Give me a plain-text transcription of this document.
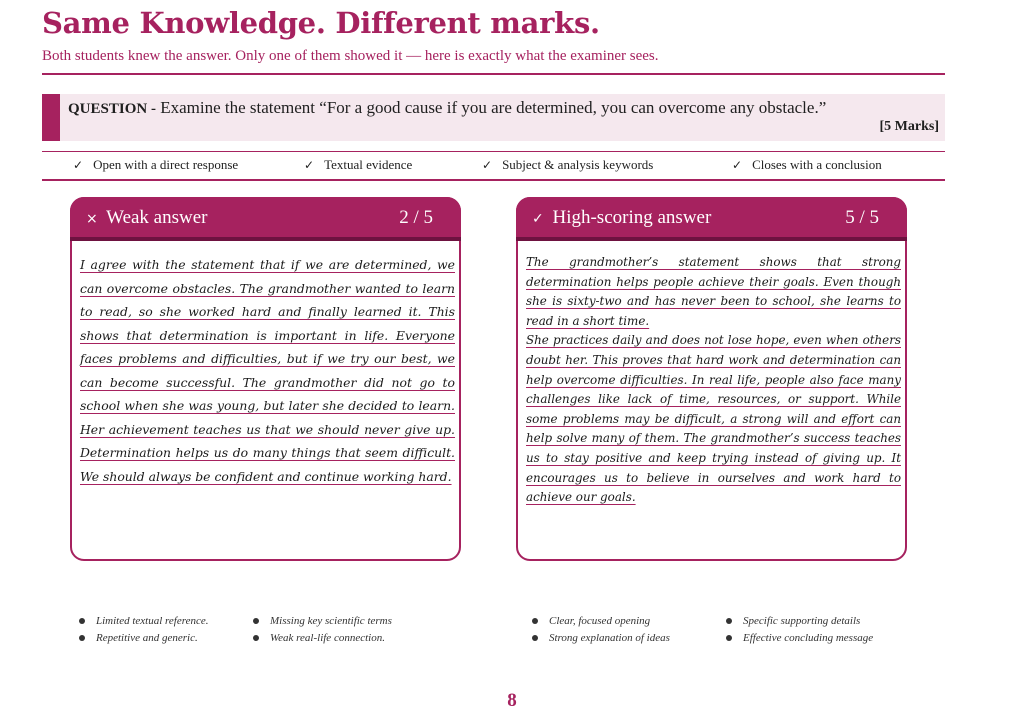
Same Knowledge. Different marks.

Both students knew the answer. Only one of them showed it — here is exactly what the examiner sees.

QUESTION - Examine the statement “For a good cause if you are determined, you can overcome any obstacle.”
[5 Marks]
✓ Open with a direct response	✓ Textual evidence	✓ Subject & analysis keywords	✓ Closes with a conclusion
× Weak answer	2 / 5

I agree with the statement that if we are determined, we can overcome obstacles. The grandmother wanted to learn to read, so she worked hard and finally learned it. This shows that determination is important in life. Everyone faces problems and difficulties, but if we try our best, we can become successful. The grandmother did not go to school when she was young, but later she decided to learn. Her achievement teaches us that we should never give up. Determination helps us do many things that seem difficult. We should always be confident and continue working hard.

✓ High-scoring answer	5 / 5

The grandmother’s statement shows that strong determination helps people achieve their goals. Even though she is sixty-two and has never been to school, she learns to read in a short time.

She practices daily and does not lose hope, even when others doubt her. This proves that hard work and determination can help overcome difficulties. In real life, people also face many challenges like lack of time, resources, or support. While some problems may be difficult, a strong will and effort can help solve many of them. The grandmother’s success teaches us to stay positive and keep trying instead of giving up. It encourages us to believe in ourselves and work hard to achieve our goals.

Limited textual reference.
Repetitive and generic.
Missing key scientific terms
Weak real-life connection.
Clear, focused opening
Strong explanation of ideas
Specific supporting details
Effective concluding message
8
